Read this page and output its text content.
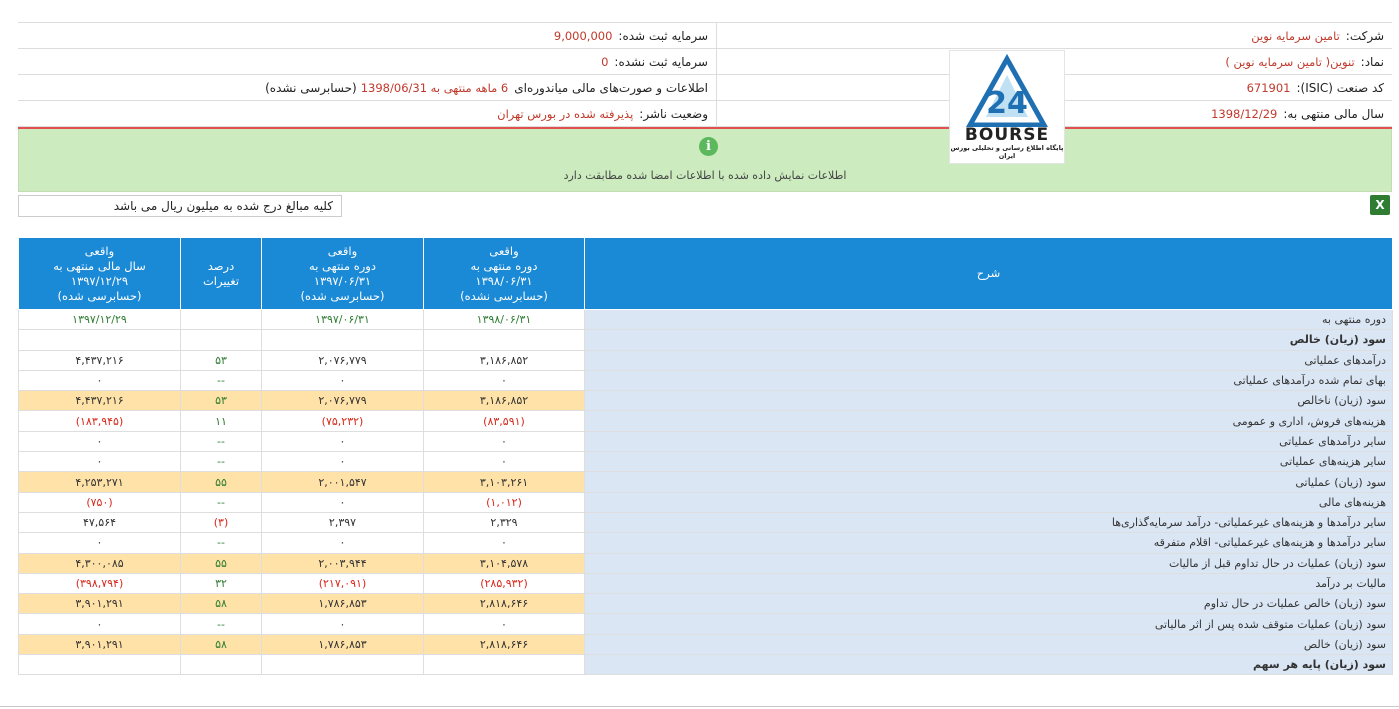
شرکت:
تامین سرمایه نوین
سرمایه ثبت شده:
9,000,000
نماد:
تنوین( تامین سرمایه نوین )
سرمایه ثبت نشده:
0
کد صنعت (ISIC):
671901
اطلاعات و صورت‌های مالی میاندوره‌ای
6 ماهه منتهی به 1398/06/31
(حسابرسی نشده)
سال مالی منتهی به:
1398/12/29
وضعیت ناشر:
پذیرفته شده در بورس تهران
i
اطلاعات نمایش داده شده با اطلاعات امضا شده مطابقت دارد
24
BOURSE
پایگاه اطلاع رسانی و تحلیلی بورس ایران
کلیه مبالغ درج شده به میلیون ریال می باشد	X
شرح	واقعی
دوره منتهی به
۱۳۹۸/۰۶/۳۱
(حسابرسی نشده)	واقعی
دوره منتهی به
۱۳۹۷/۰۶/۳۱
(حسابرسی شده)	درصد
تغییرات	واقعی
سال مالی منتهی به
۱۳۹۷/۱۲/۲۹
(حسابرسی شده)
دوره منتهی به	۱۳۹۸/۰۶/۳۱	۱۳۹۷/۰۶/۳۱		۱۳۹۷/۱۲/۲۹
سود (زیان) خالص				
درآمدهای عملیاتی	۳,۱۸۶,۸۵۲	۲,۰۷۶,۷۷۹	۵۳	۴,۴۳۷,۲۱۶
بهای تمام شده درآمدهای عملیاتی	۰	۰	--	۰
سود (زیان) ناخالص	۳,۱۸۶,۸۵۲	۲,۰۷۶,۷۷۹	۵۳	۴,۴۳۷,۲۱۶
هزینه‌های فروش، اداری و عمومی	(۸۳,۵۹۱)	(۷۵,۲۳۲)	۱۱	(۱۸۳,۹۴۵)
سایر درآمدهای عملیاتی	۰	۰	--	۰
سایر هزینه‌های عملیاتی	۰	۰	--	۰
سود (زیان) عملیاتی	۳,۱۰۳,۲۶۱	۲,۰۰۱,۵۴۷	۵۵	۴,۲۵۳,۲۷۱
هزینه‌های مالی	(۱,۰۱۲)	۰	--	(۷۵۰)
سایر درآمدها و هزینه‌های غیرعملیاتی- درآمد سرمایه‌گذاری‌ها	۲,۳۲۹	۲,۳۹۷	(۳)	۴۷,۵۶۴
سایر درآمدها و هزینه‌های غیرعملیاتی- اقلام متفرقه	۰	۰	--	۰
سود (زیان) عملیات در حال تداوم قبل از مالیات	۳,۱۰۴,۵۷۸	۲,۰۰۳,۹۴۴	۵۵	۴,۳۰۰,۰۸۵
مالیات بر درآمد	(۲۸۵,۹۳۲)	(۲۱۷,۰۹۱)	۳۲	(۳۹۸,۷۹۴)
سود (زیان) خالص عملیات در حال تداوم	۲,۸۱۸,۶۴۶	۱,۷۸۶,۸۵۳	۵۸	۳,۹۰۱,۲۹۱
سود (زیان) عملیات متوقف شده پس از اثر مالیاتی	۰	۰	--	۰
سود (زیان) خالص	۲,۸۱۸,۶۴۶	۱,۷۸۶,۸۵۳	۵۸	۳,۹۰۱,۲۹۱
سود (زیان) پایه هر سهم				
